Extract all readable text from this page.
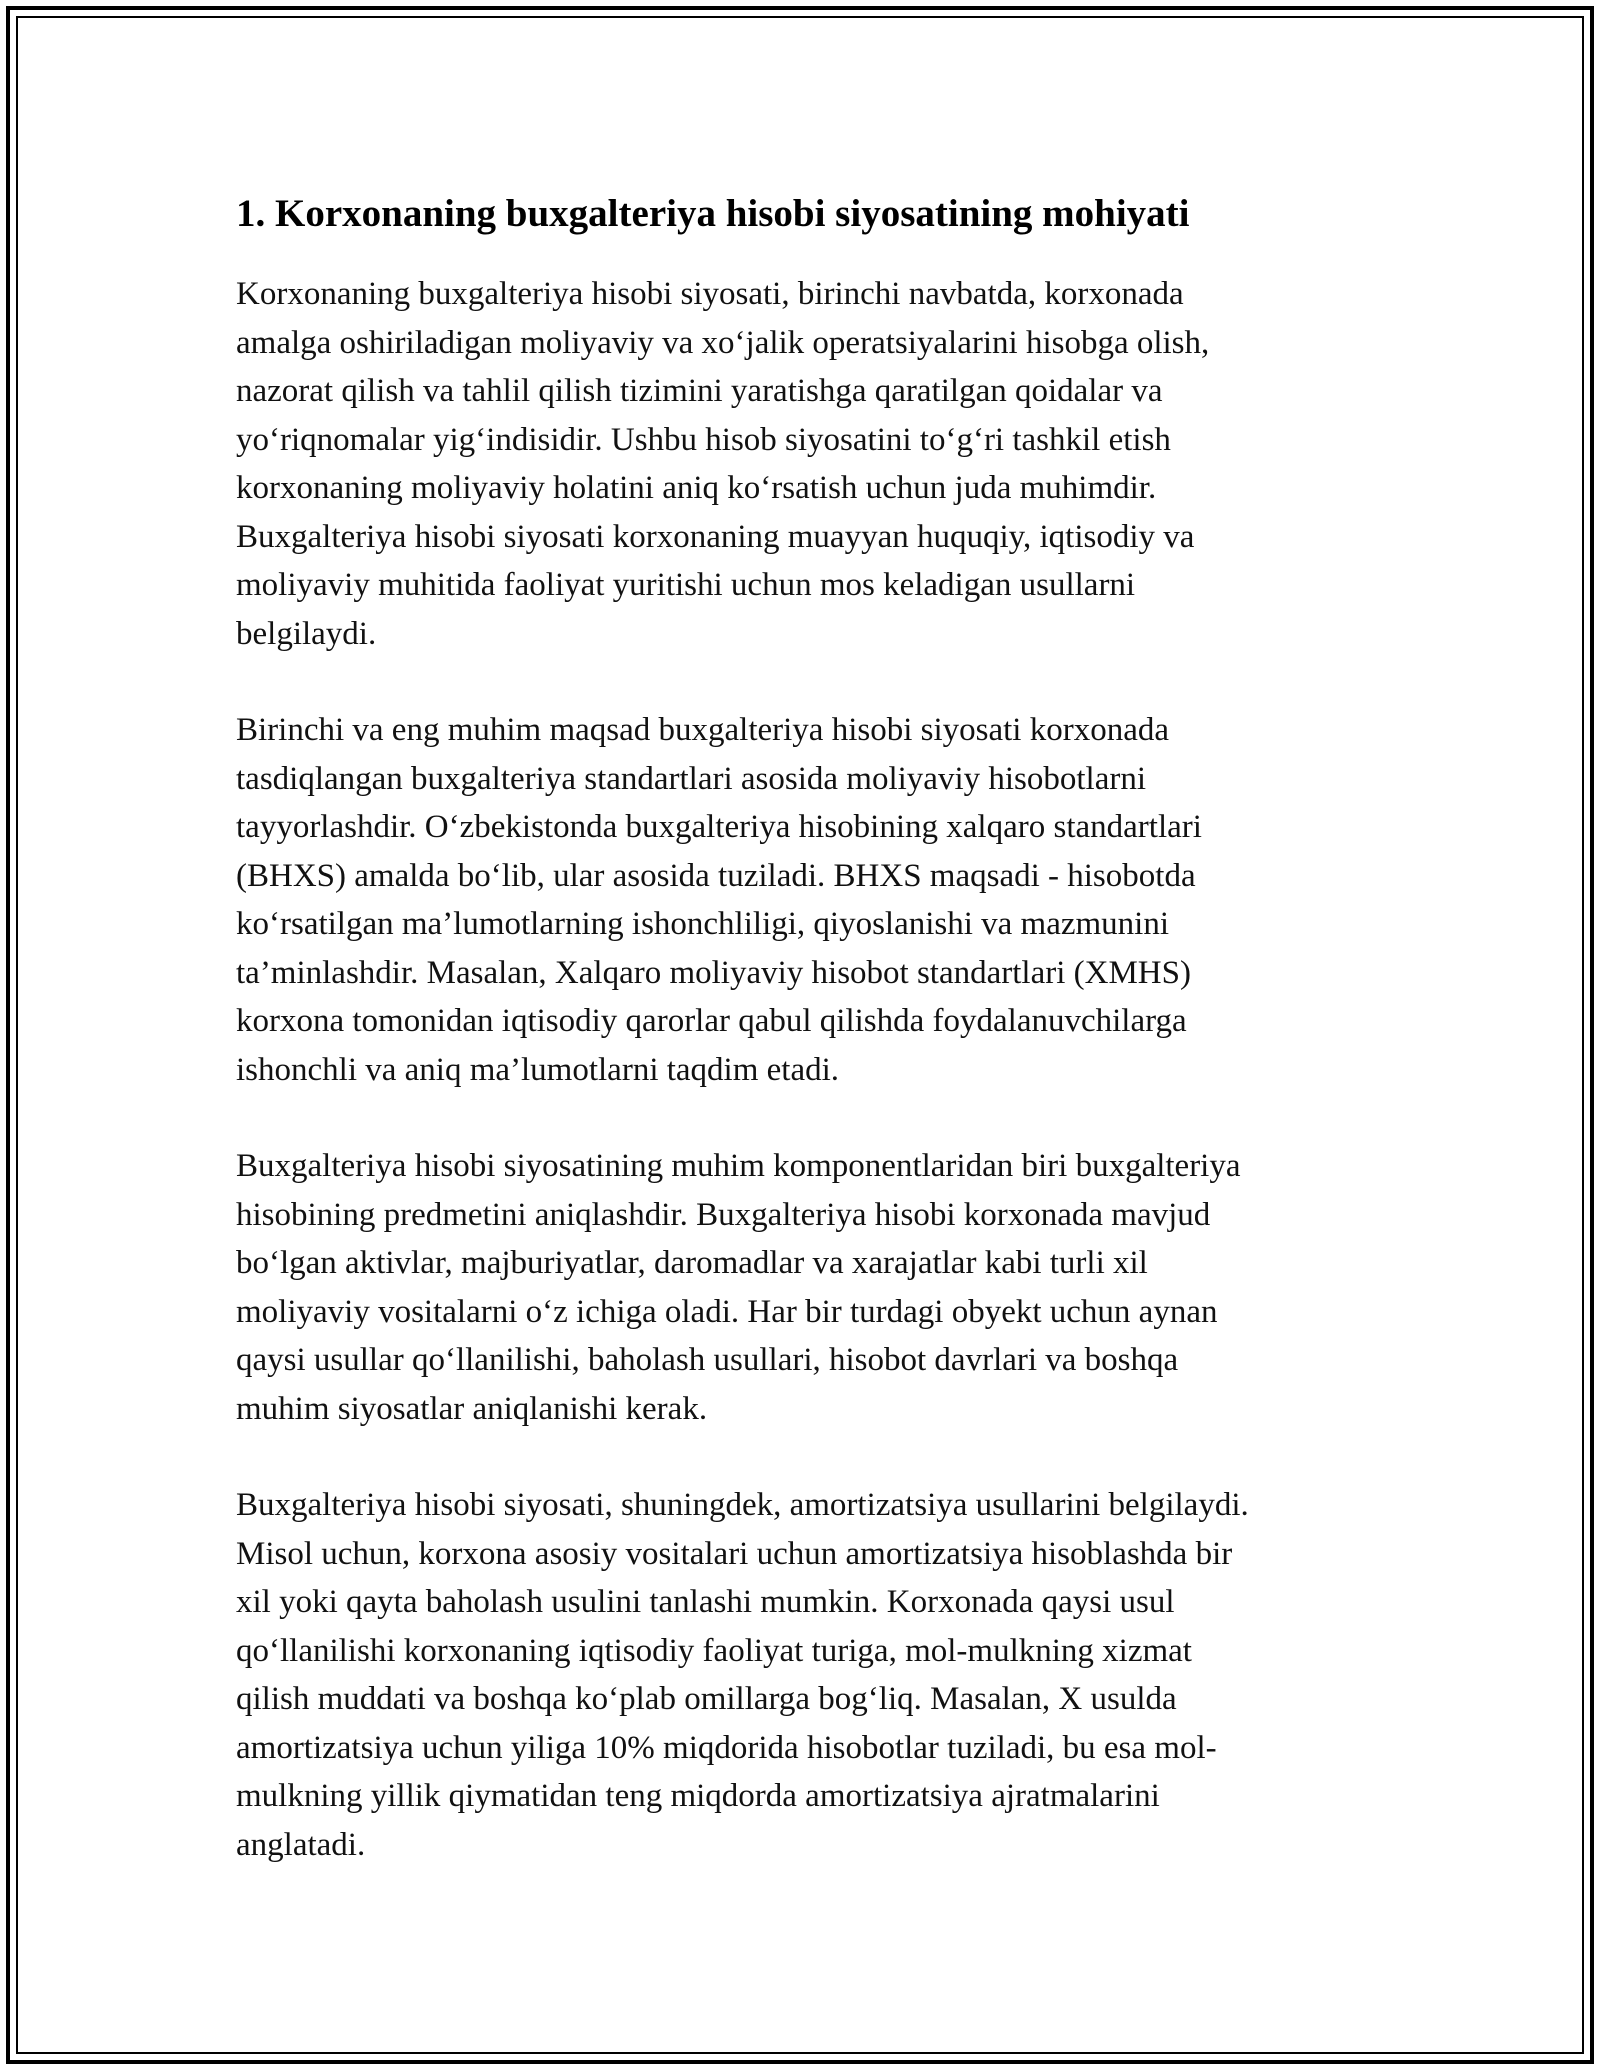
1. Korxonaning buxgalteriya hisobi siyosatining mohiyati

Korxonaning buxgalteriya hisobi siyosati, birinchi navbatda, korxonada
amalga oshiriladigan moliyaviy va xo‘jalik operatsiyalarini hisobga olish,
nazorat qilish va tahlil qilish tizimini yaratishga qaratilgan qoidalar va
yo‘riqnomalar yig‘indisidir. Ushbu hisob siyosatini to‘g‘ri tashkil etish
korxonaning moliyaviy holatini aniq ko‘rsatish uchun juda muhimdir.
Buxgalteriya hisobi siyosati korxonaning muayyan huquqiy, iqtisodiy va
moliyaviy muhitida faoliyat yuritishi uchun mos keladigan usullarni
belgilaydi.

Birinchi va eng muhim maqsad buxgalteriya hisobi siyosati korxonada
tasdiqlangan buxgalteriya standartlari asosida moliyaviy hisobotlarni
tayyorlashdir. O‘zbekistonda buxgalteriya hisobining xalqaro standartlari
(BHXS) amalda bo‘lib, ular asosida tuziladi. BHXS maqsadi - hisobotda
ko‘rsatilgan ma’lumotlarning ishonchliligi, qiyoslanishi va mazmunini
ta’minlashdir. Masalan, Xalqaro moliyaviy hisobot standartlari (XMHS)
korxona tomonidan iqtisodiy qarorlar qabul qilishda foydalanuvchilarga
ishonchli va aniq ma’lumotlarni taqdim etadi.

Buxgalteriya hisobi siyosatining muhim komponentlaridan biri buxgalteriya
hisobining predmetini aniqlashdir. Buxgalteriya hisobi korxonada mavjud
bo‘lgan aktivlar, majburiyatlar, daromadlar va xarajatlar kabi turli xil
moliyaviy vositalarni o‘z ichiga oladi. Har bir turdagi obyekt uchun aynan
qaysi usullar qo‘llanilishi, baholash usullari, hisobot davrlari va boshqa
muhim siyosatlar aniqlanishi kerak.

Buxgalteriya hisobi siyosati, shuningdek, amortizatsiya usullarini belgilaydi.
Misol uchun, korxona asosiy vositalari uchun amortizatsiya hisoblashda bir
xil yoki qayta baholash usulini tanlashi mumkin. Korxonada qaysi usul
qo‘llanilishi korxonaning iqtisodiy faoliyat turiga, mol-mulkning xizmat
qilish muddati va boshqa ko‘plab omillarga bog‘liq. Masalan, X usulda
amortizatsiya uchun yiliga 10% miqdorida hisobotlar tuziladi, bu esa mol-
mulkning yillik qiymatidan teng miqdorda amortizatsiya ajratmalarini
anglatadi.
